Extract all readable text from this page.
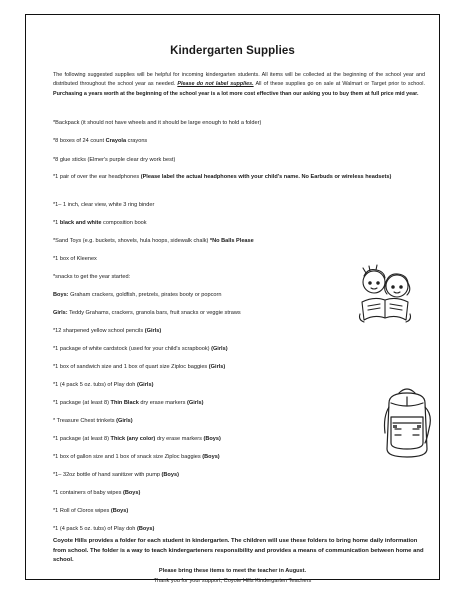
Kindergarten Supplies
The following suggested supplies will be helpful for incoming kindergarten students. All items will be collected at the beginning of the school year and distributed throughout the school year as needed. Please do not label supplies. All of these supplies go on sale at Walmart or Target prior to school. Purchasing a years worth at the beginning of the school year is a lot more cost effective than our asking you to buy them at full price mid year.
*Backpack (it should not have wheels and it should be large enough to hold a folder)
*8 boxes of 24 count Crayola crayons
*8 glue sticks (Elmer's purple clear dry work best)
*1 pair of over the ear headphones (Please label the actual headphones with your child's name. No Earbuds or wireless headsets)
*1– 1 inch, clear view, white 3 ring binder
*1 black and white composition book
*Sand Toys (e.g. buckets, shovels, hula hoops, sidewalk chalk) *No Balls Please
*1 box of Kleenex
*snacks to get the year started:
Boys: Graham crackers, goldfish, pretzels, pirates booty or popcorn
Girls: Teddy Grahams, crackers, granola bars, fruit snacks or veggie straws
*12 sharpened yellow school pencils (Girls)
*1 package of white cardstock (used for your child's scrapbook) (Girls)
*1 box of sandwich size and 1 box of quart size Ziploc baggies (Girls)
*1 (4 pack 5 oz. tubs) of Play doh (Girls)
*1 package (at least 8) Thin Black dry erase markers (Girls)
* Treasure Chest trinkets (Girls)
*1 package (at least 8) Thick (any color) dry erase markers (Boys)
*1 box of gallon size and 1 box of snack size Ziploc baggies (Boys)
*1– 32oz bottle of hand sanitizer with pump (Boys)
*1 containers of baby wipes (Boys)
*1 Roll of Clorox wipes (Boys)
*1 (4 pack 5 oz. tubs) of Play doh (Boys)
Coyote Hills provides a folder for each student in kindergarten. The children will use these folders to bring home daily information from school. The folder is a way to teach kindergarteners responsibility and provides a means of communication between home and school.
Please bring these items to meet the teacher in August.
Thank you for your support, Coyote Hills Kindergarten Teachers
